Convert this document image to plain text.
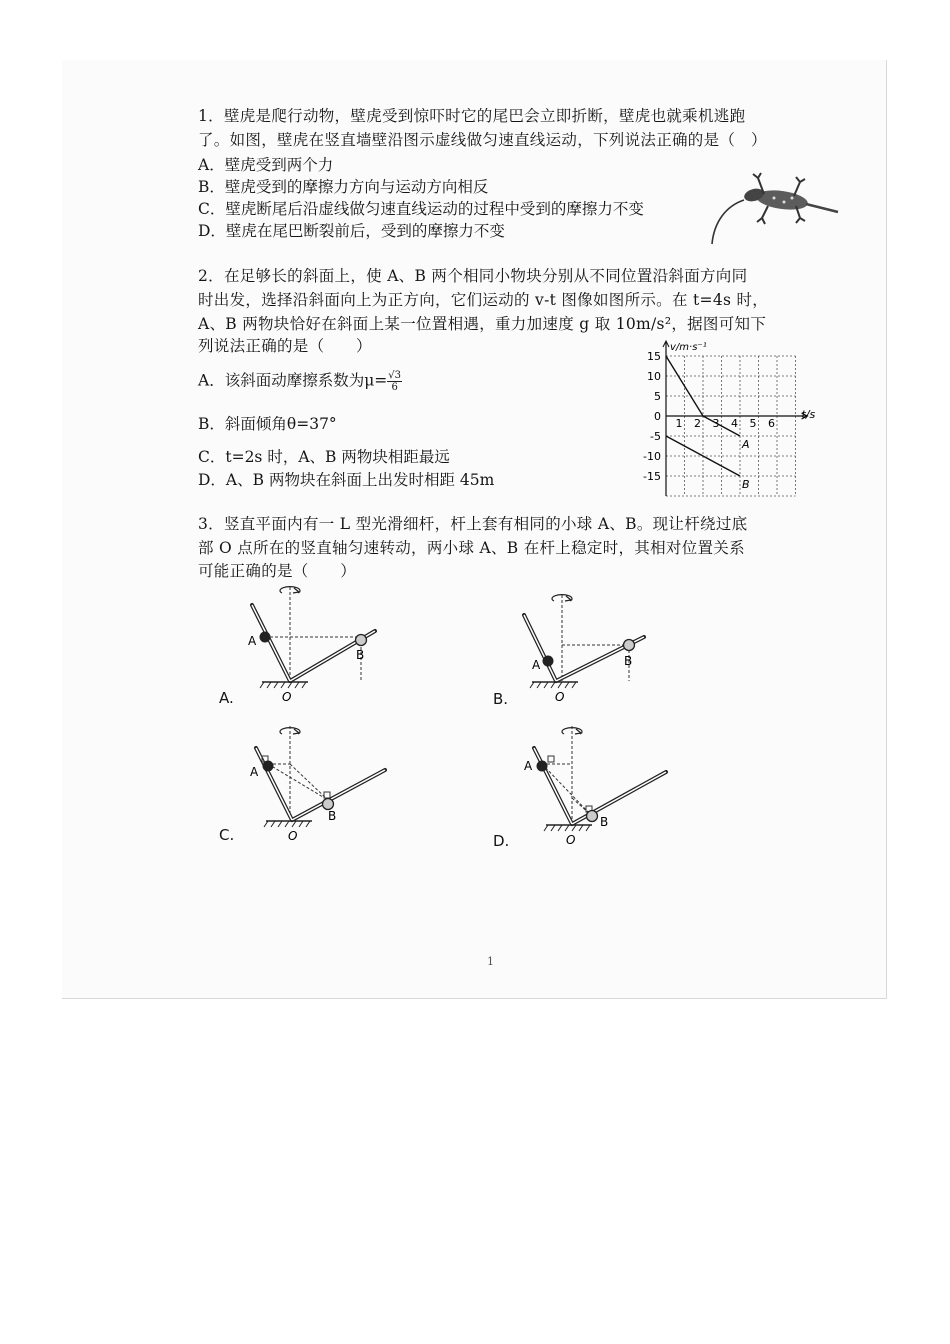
1．壁虎是爬行动物，壁虎受到惊吓时它的尾巴会立即折断，壁虎也就乘机逃跑
了。如图，壁虎在竖直墙壁沿图示虚线做匀速直线运动，下列说法正确的是（　）
A．壁虎受到两个力
B．壁虎受到的摩擦力方向与运动方向相反
C．壁虎断尾后沿虚线做匀速直线运动的过程中受到的摩擦力不变
D．壁虎在尾巴断裂前后，受到的摩擦力不变
2．在足够长的斜面上，使 A、B 两个相同小物块分别从不同位置沿斜面方向同
时出发，选择沿斜面向上为正方向，它们运动的 v-t 图像如图所示。在 t=4s 时，
A、B 两物块恰好在斜面上某一位置相遇，重力加速度 g 取 10m/s²，据图可知下
列说法正确的是（　　）
A．该斜面动摩擦系数为$\mu= \frac{√3}{6}$
B．斜面倾角θ=37°
C．t=2s 时，A、B 两物块相距最远
D．A、B 两物块在斜面上出发时相距 45m
v/m·s⁻¹
t/s
1 2 3 4 5 6
15
10
5
0
-5
-10
-15
A
B
3．竖直平面内有一 L 型光滑细杆，杆上套有相同的小球 A、B。现让杆绕过底
部 O 点所在的竖直轴匀速转动，两小球 A、B 在杆上稳定时，其相对位置关系
可能正确的是（　　）
A
B
O
A.
A	B
O
B.
A
B
O
C.
A
B
O
D.
1
